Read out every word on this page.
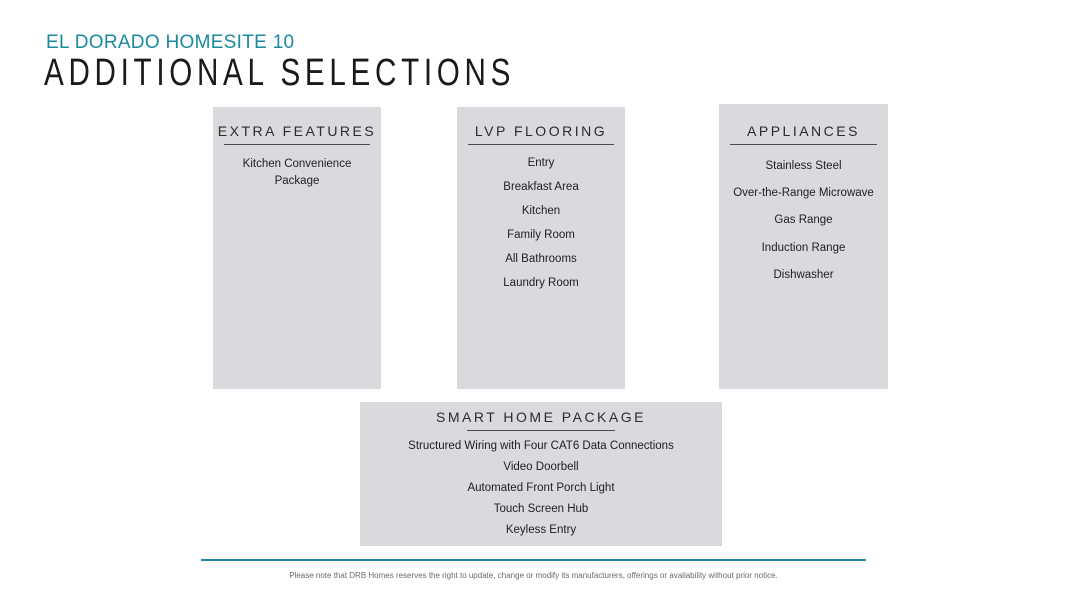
EL DORADO HOMESITE 10
ADDITIONAL SELECTIONS
EXTRA FEATURES
Kitchen Convenience Package
LVP FLOORING
Entry
Breakfast Area
Kitchen
Family Room
All Bathrooms
Laundry Room
APPLIANCES
Stainless Steel
Over-the-Range Microwave
Gas Range
Induction Range
Dishwasher
SMART HOME PACKAGE
Structured Wiring with Four CAT6 Data Connections
Video Doorbell
Automated Front Porch Light
Touch Screen Hub
Keyless Entry
Please note that DRB Homes reserves the right to update, change or modify its manufacturers, offerings or availability without prior notice.
